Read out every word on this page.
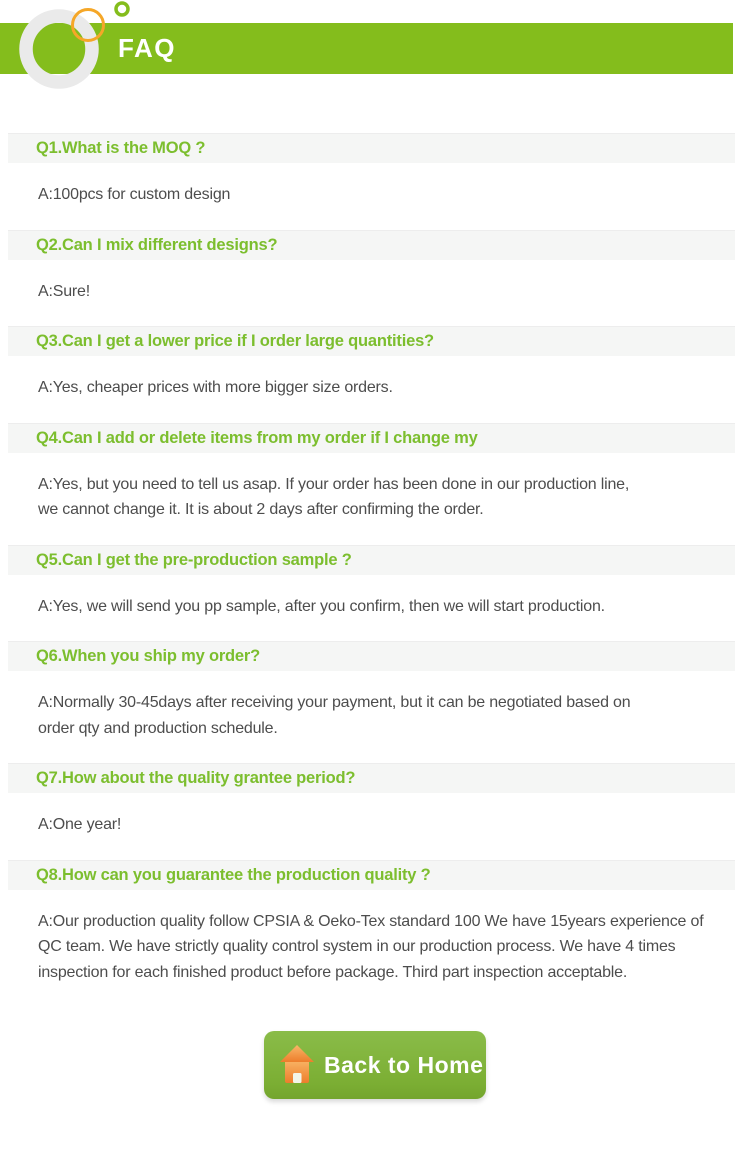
FAQ
Q1.What is the MOQ ?
A:100pcs for custom design
Q2.Can I mix different designs?
A:Sure!
Q3.Can I get a lower price if I order large quantities?
A:Yes, cheaper prices with more bigger size orders.
Q4.Can I add or delete items from my order if I change my
A:Yes, but you need to tell us asap. If your order has been done in our production line,
we cannot change it. It is about 2 days after confirming the order.
Q5.Can I get the pre-production sample ?
A:Yes, we will send you pp sample, after you confirm, then we will start production.
Q6.When you ship my order?
A:Normally 30-45days after receiving your payment, but it can be negotiated based on
order qty and production schedule.
Q7.How about the quality grantee period?
A:One year!
Q8.How can you guarantee the production quality ?
A:Our production quality follow CPSIA & Oeko-Tex standard 100 We have 15years experience of
QC team. We have strictly quality control system in our production process. We have 4 times
inspection for each finished product before package. Third part inspection acceptable.
Back to Home
